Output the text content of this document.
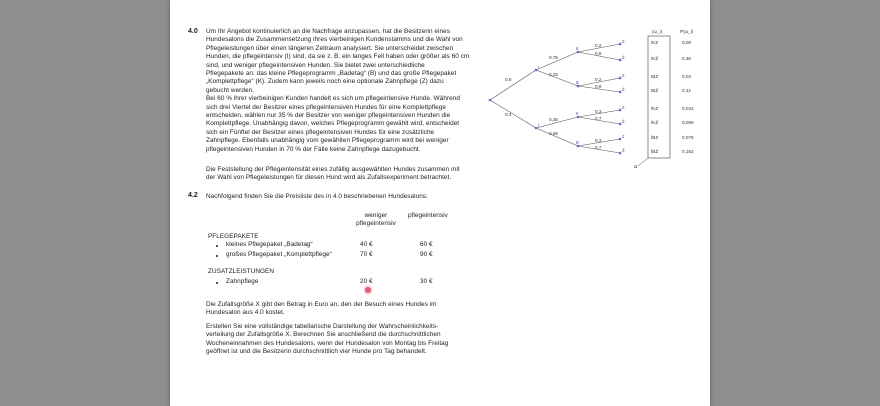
4.0 Um Ihr Angebot kontinuierlich an die Nachfrage anzupassen, hat die Besitzerin eines
Hundesalons die Zusammensetzung ihres vierbeinigen Kundenstamms und die Wahl von
Pflegeleistungen über einen längeren Zeitraum analysiert. Sie unterscheidet zwischen
Hunden, die pflegeintensiv (I) sind, da sie z. B. ein langes Fell haben oder größer als 60 cm
sind, und weniger pflegeintensiven Hunden. Sie bietet zwei unterschiedliche
Pflegepakete an: das kleine Pflegeprogramm „Badetag“ (B) und das große Pflegepaket
„Komplettpflege“ (K). Zudem kann jeweils noch eine optionale Zahnpflege (Z) dazu
gebucht werden.
Bei 60 % ihrer vierbeinigen Kunden handelt es sich um pflegeintensive Hunde. Während
sich drei Viertel der Besitzer eines pflegeintensiven Hundes für eine Komplettpflege
entscheiden, wählen nur 35 % der Besitzer von weniger pflegeintensiven Hunden die
Komplettpflege. Unabhängig davon, welches Pflegeprogramm gewählt wird, entscheidet
sich ein Fünftel der Besitzer eines pflegeintensiven Hundes für eine zusätzliche
Zahnpflege. Ebenfalls unabhängig vom gewählten Pflegeprogramm wird bei weniger
pflegeintensiven Hunden in 70 % der Fälle keine Zahnpflege dazugebucht.
Die Feststellung der Pflegeintensität eines zufällig ausgewählten Hundes zusammen mit
der Wahl von Pflegeleistungen für diesen Hund wird als Zufallsexperiment betrachtet.
4.2 Nachfolgend finden Sie die Preisliste des in 4.0 beschriebenen Hundesalons:
weniger
pflegeintensiv
pflegeintensiv
PFLEGEPAKETE
kleines Pflegepaket „Badetag“	40 €	60 €
großes Pflegepaket „Komplettpflege“	70 €	90 €
ZUSATZLEISTUNGEN
Zahnpflege	20 €	30 €
Die Zufallsgröße X gibt den Betrag in Euro an, den der Besuch eines Hundes im
Hundesalon aus 4.0 kostet.
Erstellen Sie eine vollständige tabellarische Darstellung der Wahrscheinlichkeits-
verteilung der Zufallsgröße X. Berechnen Sie anschließend die durchschnittlichen
Wocheneinnahmen des Hundesalons, wenn der Hundesalon von Montag bis Freitag
geöffnet ist und die Besitzerin durchschnittlich vier Hunde pro Tag behandelt.
0,6
I
0,4
Ī
0,75
K
0,25
B
0,35
K
0,65
B
0,2
Z	IKZ	0,09
0,8
Z̄	IKZ̄	0,36
0,2
Z	IBZ	0,03
0,8
Z̄	IBZ̄	0,12
0,3
Z	ĪKZ	0,042
0,7
Z̄	ĪKZ̄	0,098
0,3
Z	ĪBZ	0,078
0,7
Z̄	ĪBZ̄	0,182
(ω_i)	P(ω_i)
Ω
